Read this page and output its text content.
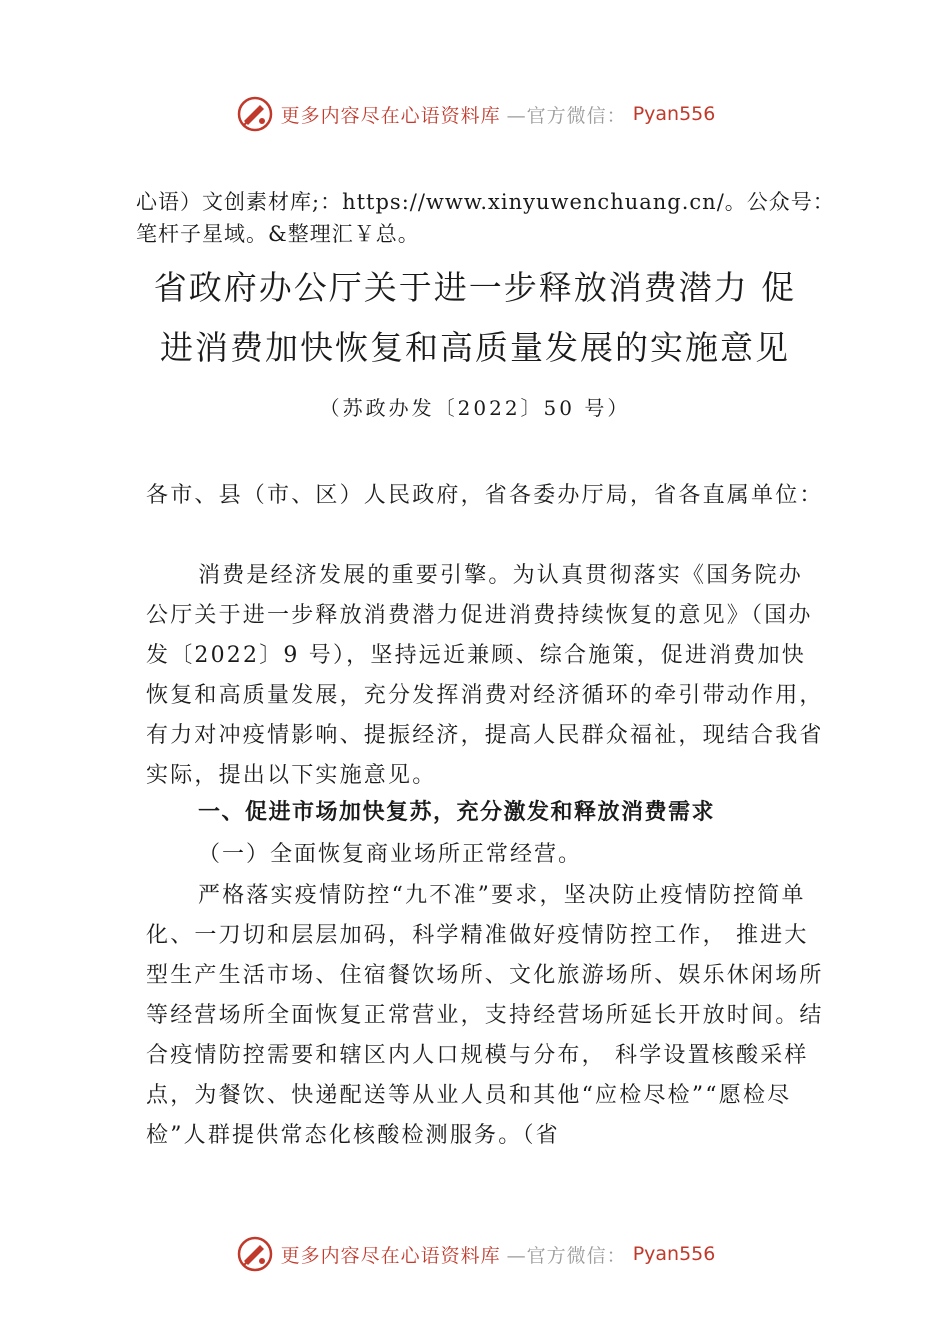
更多内容尽在心语资料库 —官方微信： Pyan556
心语）文创素材库;：https://www.xinyuwenchuang.cn/。公众号：笔杆子星域。&整理汇￥总。
省政府办公厅关于进一步释放消费潜力 促
进消费加快恢复和高质量发展的实施意见
（苏政办发〔2022〕50 号）

各市、县（市、区）人民政府，省各委办厅局，省各直属单位：

消费是经济发展的重要引擎。为认真贯彻落实《国务院办公厅关于进一步释放消费潜力促进消费持续恢复的意见》（国办发〔2022〕9 号），坚持远近兼顾、综合施策，促进消费加快恢复和高质量发展，充分发挥消费对经济循环的牵引带动作用，有力对冲疫情影响、提振经济，提高人民群众福祉，现结合我省实际，提出以下实施意见。

一、促进市场加快复苏，充分激发和释放消费需求

（一）全面恢复商业场所正常经营。

严格落实疫情防控“九不准”要求，坚决防止疫情防控简单化、一刀切和层层加码，科学精准做好疫情防控工作， 推进大型生产生活市场、住宿餐饮场所、文化旅游场所、娱乐休闲场所等经营场所全面恢复正常营业，支持经营场所延长开放时间。结合疫情防控需要和辖区内人口规模与分布， 科学设置核酸采样点，为餐饮、快递配送等从业人员和其他“应检尽检”“愿检尽检”人群提供常态化核酸检测服务。（省

更多内容尽在心语资料库 —官方微信： Pyan556
